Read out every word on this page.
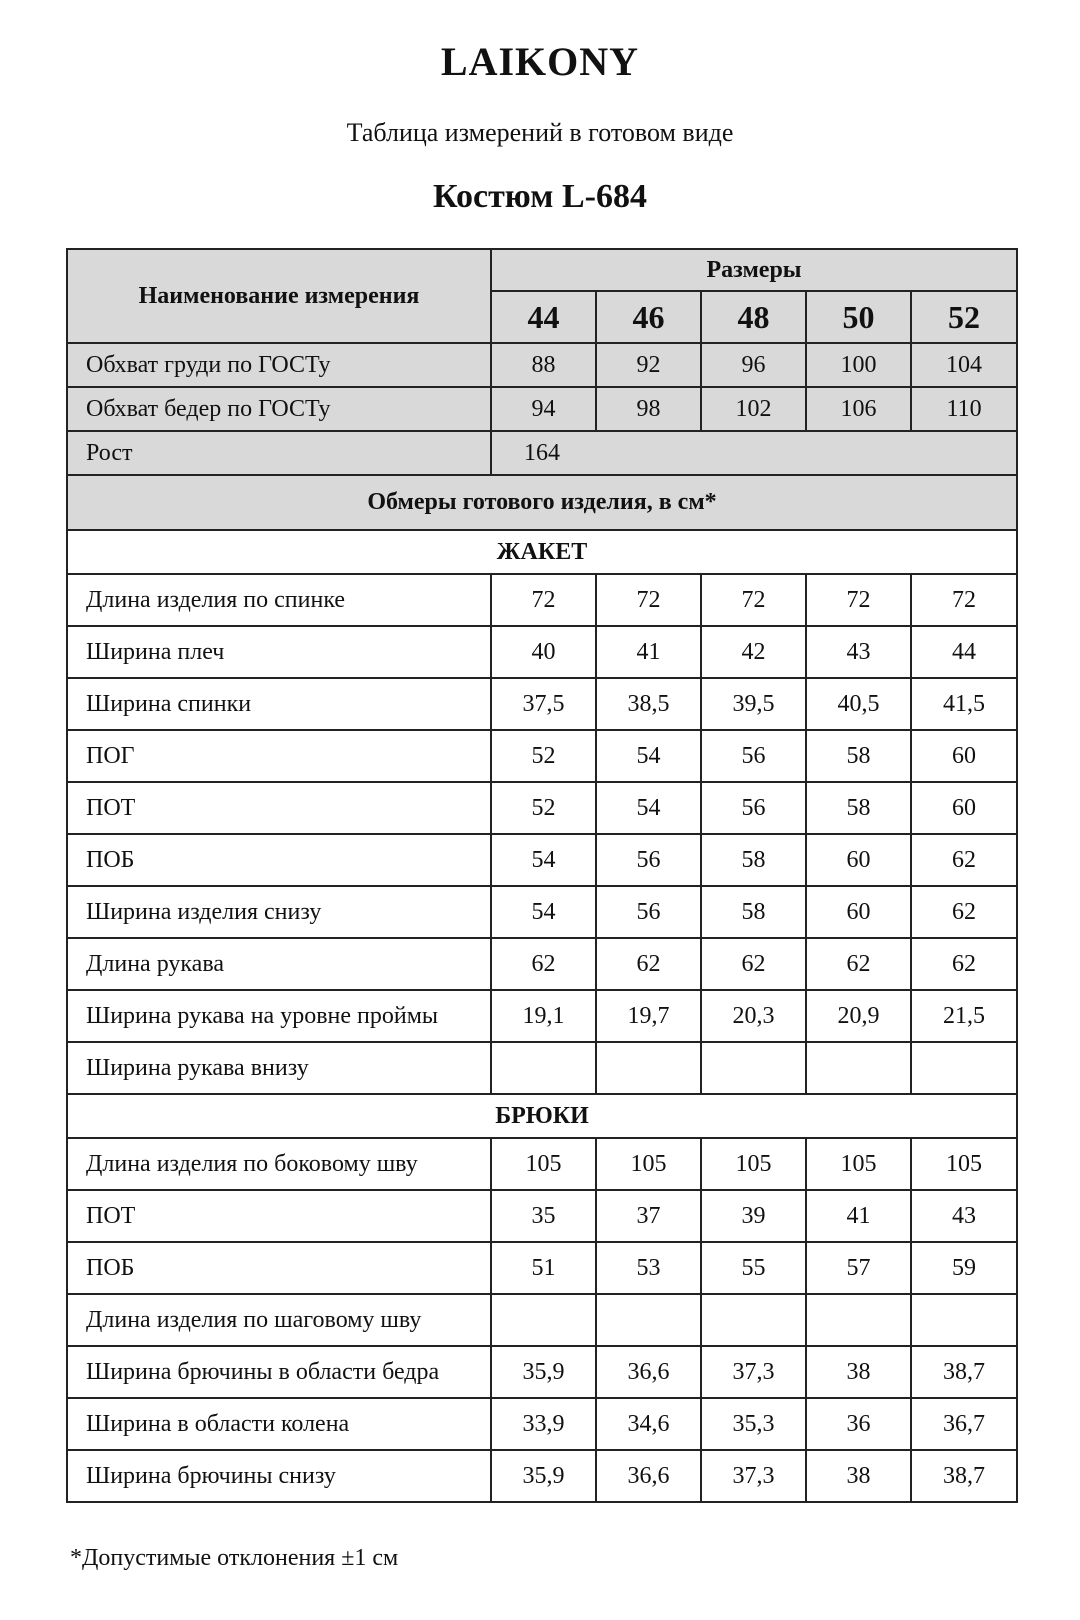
LAIKONY
Таблица измерений в готовом виде
Костюм L-684
Наименование измерения	Размеры				
	44	46	48	50	52
Обхват груди по ГОСТу	88	92	96	100	104
Обхват бедер по ГОСТу	94	98	102	106	110
Рост	164				
Обмеры готового изделия, в см*					
ЖАКЕТ					
Длина изделия по спинке	72	72	72	72	72
Ширина плеч	40	41	42	43	44
Ширина спинки	37,5	38,5	39,5	40,5	41,5
ПОГ	52	54	56	58	60
ПОТ	52	54	56	58	60
ПОБ	54	56	58	60	62
Ширина изделия снизу	54	56	58	60	62
Длина рукава	62	62	62	62	62
Ширина рукава на уровне проймы	19,1	19,7	20,3	20,9	21,5
Ширина рукава внизу					
БРЮКИ					
Длина изделия по боковому шву	105	105	105	105	105
ПОТ	35	37	39	41	43
ПОБ	51	53	55	57	59
Длина изделия по шаговому шву					
Ширина брючины в области бедра	35,9	36,6	37,3	38	38,7
Ширина в области колена	33,9	34,6	35,3	36	36,7
Ширина брючины снизу	35,9	36,6	37,3	38	38,7
*Допустимые отклонения ±1 см
